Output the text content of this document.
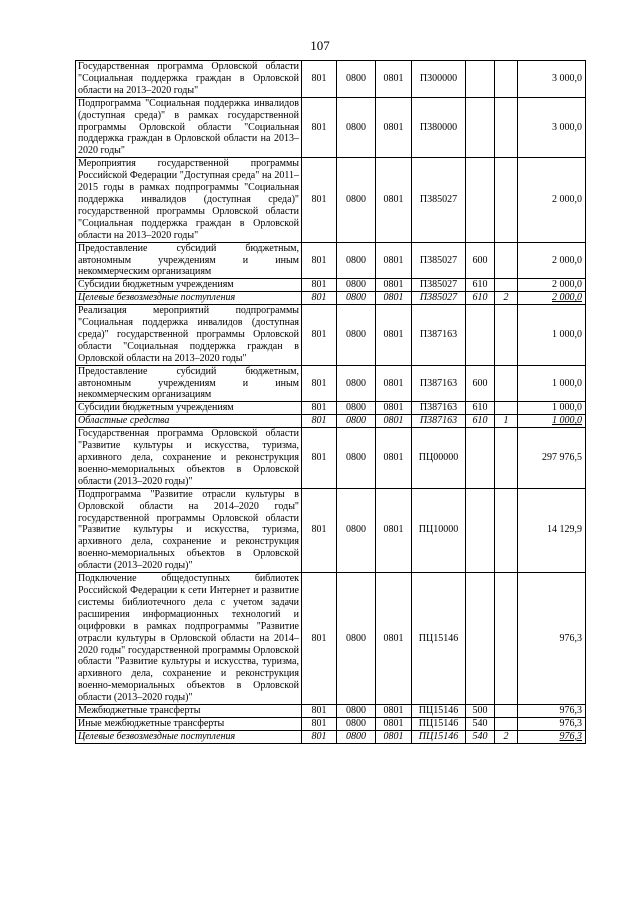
107
Государственная программа Орловской области "Социальная поддержка граждан в Орловской области на 2013–2020 годы"	801	0800	0801	П300000			3 000,0
Подпрограмма "Социальная поддержка инвалидов (доступная среда)" в рамках государственной программы Орловской области "Социальная поддержка граждан в Орловской области на 2013–2020 годы"	801	0800	0801	П380000			3 000,0
Мероприятия государственной программы Российской Федерации "Доступная среда" на 2011–2015 годы в рамках подпрограммы "Социальная поддержка инвалидов (доступная среда)" государственной программы Орловской области "Социальная поддержка граждан в Орловской области на 2013–2020 годы"	801	0800	0801	П385027			2 000,0
Предоставление субсидий бюджетным, автономным учреждениям и иным некоммерческим организациям	801	0800	0801	П385027	600		2 000,0
Субсидии бюджетным учреждениям	801	0800	0801	П385027	610		2 000,0
Целевые безвозмездные поступления	801	0800	0801	П385027	610	2	2 000,0
Реализация мероприятий подпрограммы "Социальная поддержка инвалидов (доступная среда)" государственной программы Орловской области "Социальная поддержка граждан в Орловской области на 2013–2020 годы"	801	0800	0801	П387163			1 000,0
Предоставление субсидий бюджетным, автономным учреждениям и иным некоммерческим организациям	801	0800	0801	П387163	600		1 000,0
Субсидии бюджетным учреждениям	801	0800	0801	П387163	610		1 000,0
Областные средства	801	0800	0801	П387163	610	1	1 000,0
Государственная программа Орловской области "Развитие культуры и искусства, туризма, архивного дела, сохранение и реконструкция военно-мемориальных объектов в Орловской области (2013–2020 годы)"	801	0800	0801	ПЦ00000			297 976,5
Подпрограмма "Развитие отрасли культуры в Орловской области на 2014–2020 годы" государственной программы Орловской области "Развитие культуры и искусства, туризма, архивного дела, сохранение и реконструкция военно-мемориальных объектов в Орловской области (2013–2020 годы)"	801	0800	0801	ПЦ10000			14 129,9
Подключение общедоступных библиотек Российской Федерации к сети Интернет и развитие системы библиотечного дела с учетом задачи расширения информационных технологий и оцифровки в рамках подпрограммы "Развитие отрасли культуры в Орловской области на 2014–2020 годы" государственной программы Орловской области "Развитие культуры и искусства, туризма, архивного дела, сохранение и реконструкция военно-мемориальных объектов в Орловской области (2013–2020 годы)"	801	0800	0801	ПЦ15146			976,3
Межбюджетные трансферты	801	0800	0801	ПЦ15146	500		976,3
Иные межбюджетные трансферты	801	0800	0801	ПЦ15146	540		976,3
Целевые безвозмездные поступления	801	0800	0801	ПЦ15146	540	2	976,3
